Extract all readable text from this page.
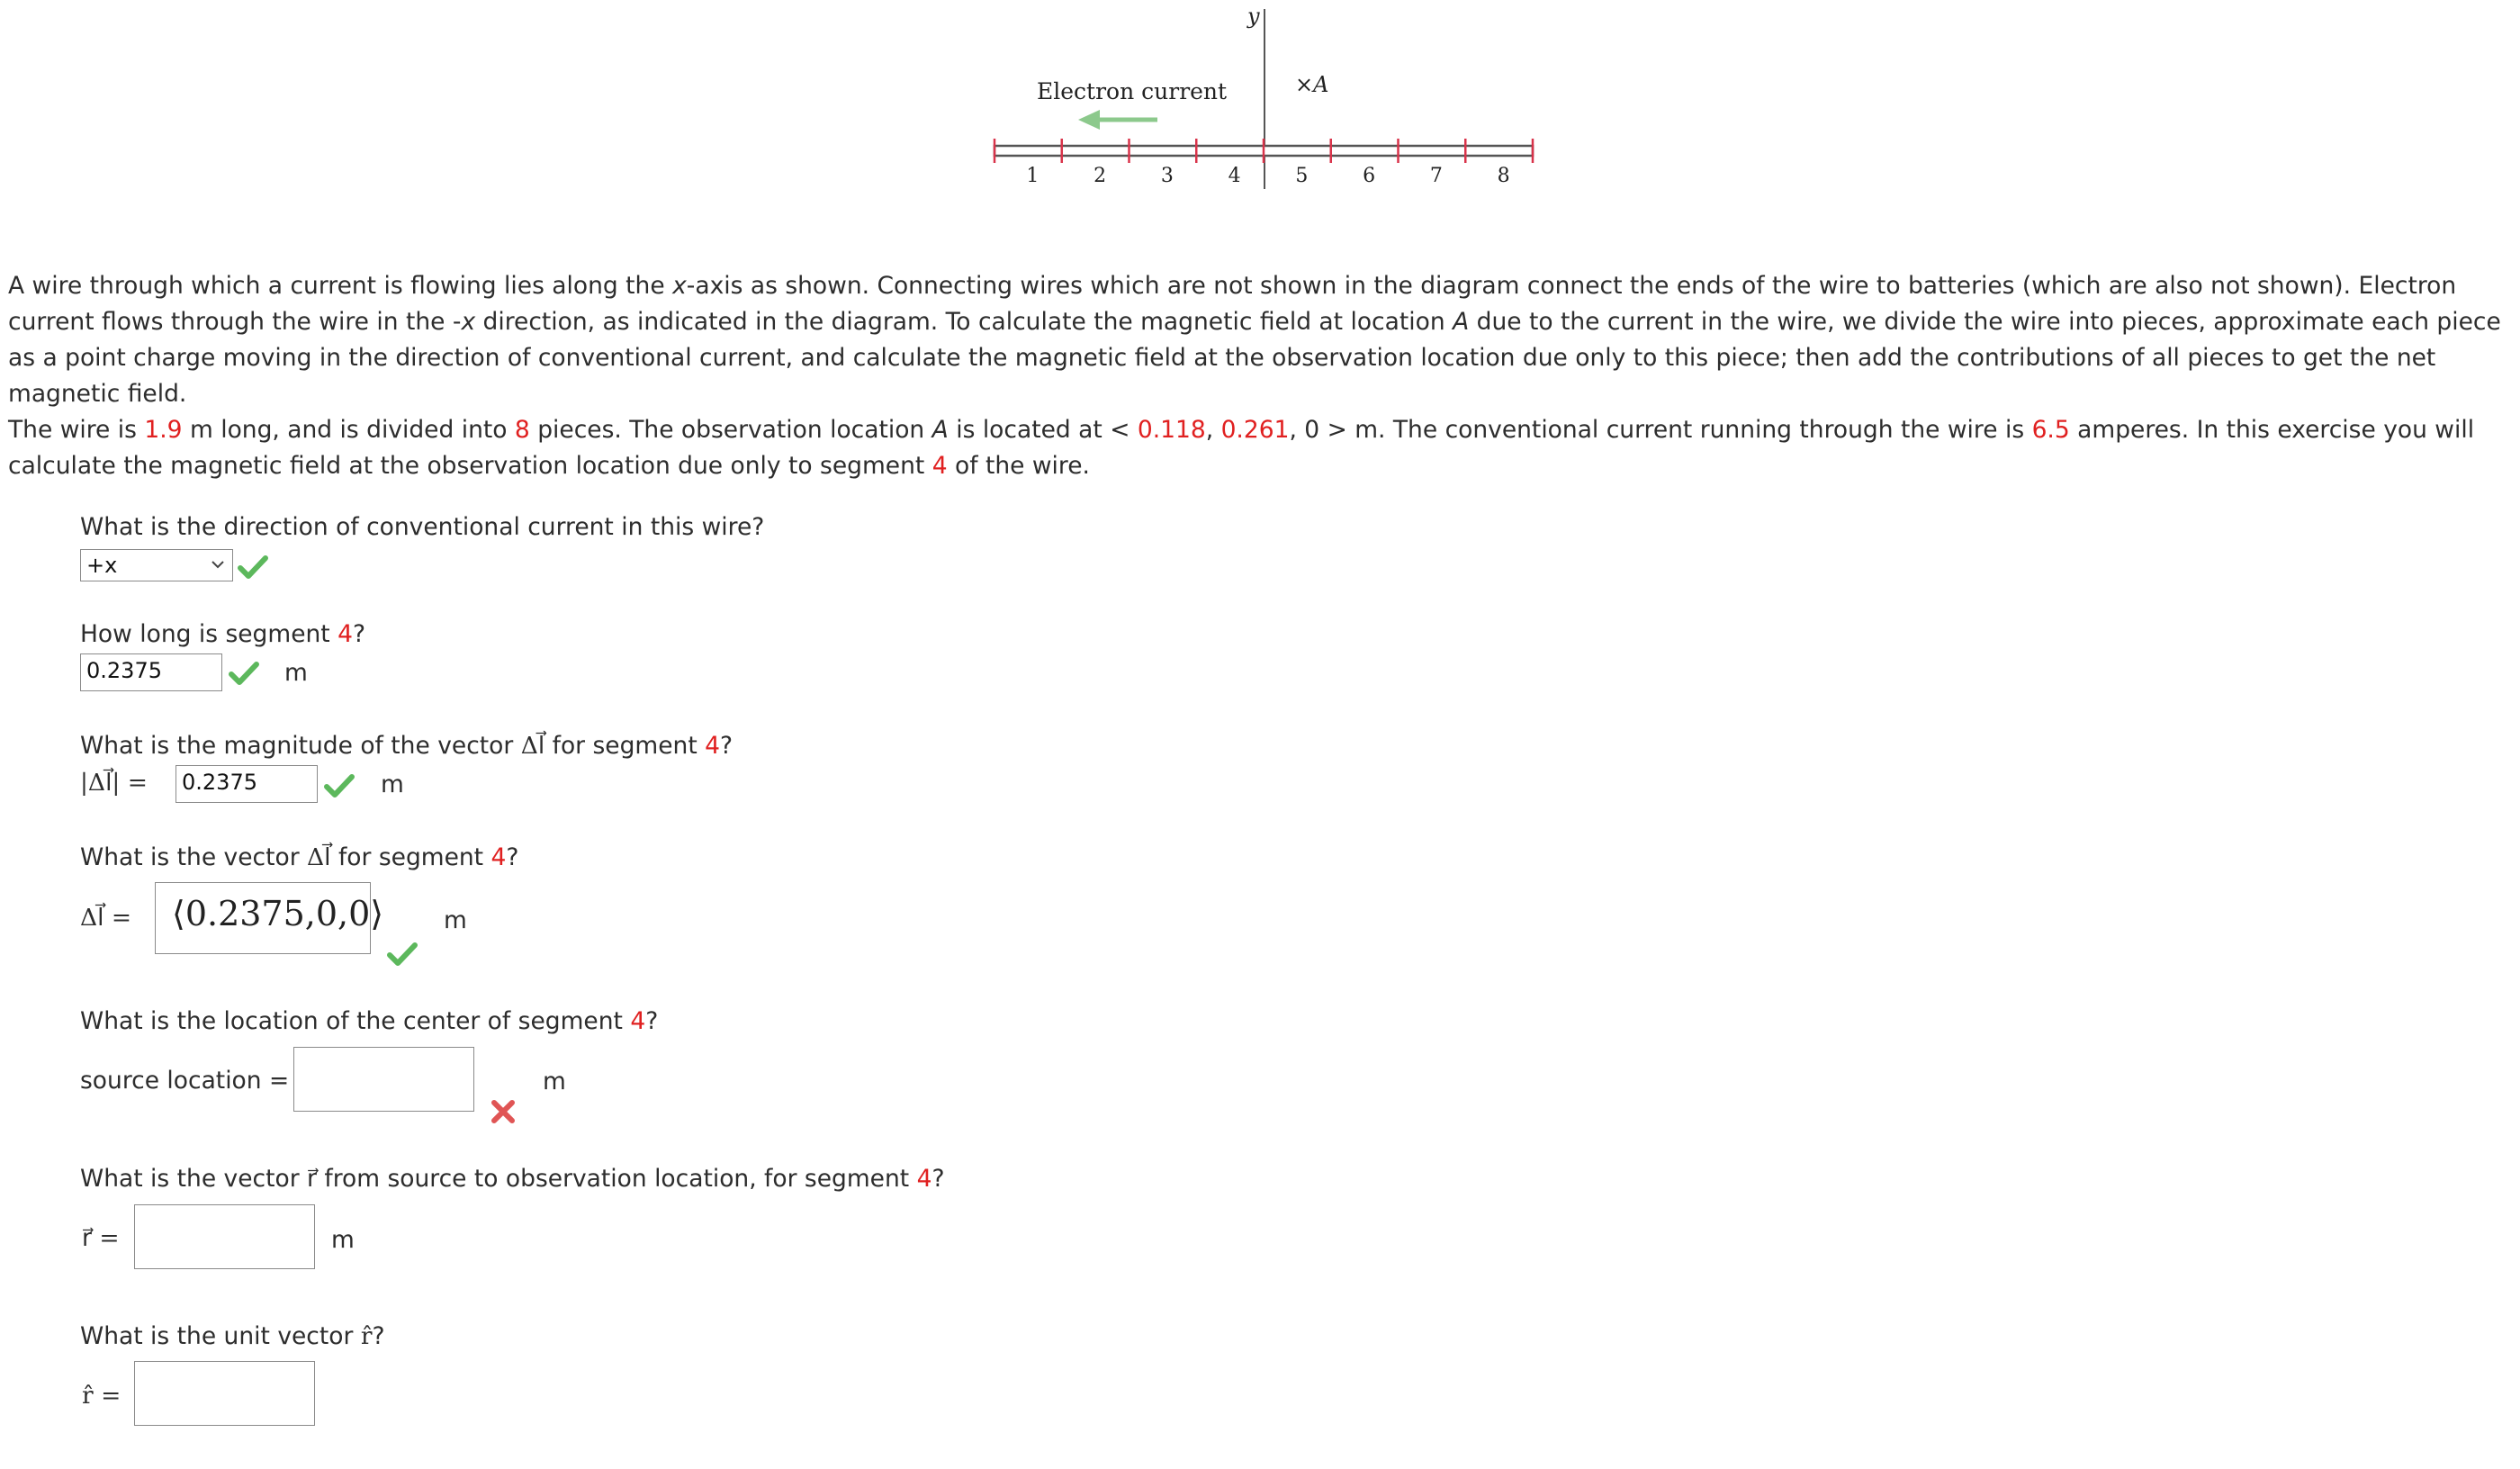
y
Electron current	×A
1	2	3	4	5	6	7	8

A wire through which a current is flowing lies along the x-axis as shown. Connecting wires which are not shown in the diagram connect the ends of the wire to batteries (which are also not shown). Electron current flows through the wire in the -x direction, as indicated in the diagram. To calculate the magnetic field at location A due to the current in the wire, we divide the wire into pieces, approximate each piece as a point charge moving in the direction of conventional current, and calculate the magnetic field at the observation location due only to this piece; then add the contributions of all pieces to get the net magnetic field.

The wire is 1.9 m long, and is divided into 8 pieces. The observation location A is located at < 0.118, 0.261, 0 > m. The conventional current running through the wire is 6.5 amperes. In this exercise you will calculate the magnetic field at the observation location due only to segment 4 of the wire.

What is the direction of conventional current in this wire?
+x
How long is segment 4?
0.2375	m
What is the magnitude of the vector Δl⃗ for segment 4?
|Δl⃗| = 0.2375	m
What is the vector Δl⃗ for segment 4?
Δl⃗ = ⟨0.2375,0,0⟩	m
What is the location of the center of segment 4?
source location =	m
What is the vector r⃗ from source to observation location, for segment 4?
r⃗ =	m
What is the unit vector r̂?
r̂ =
